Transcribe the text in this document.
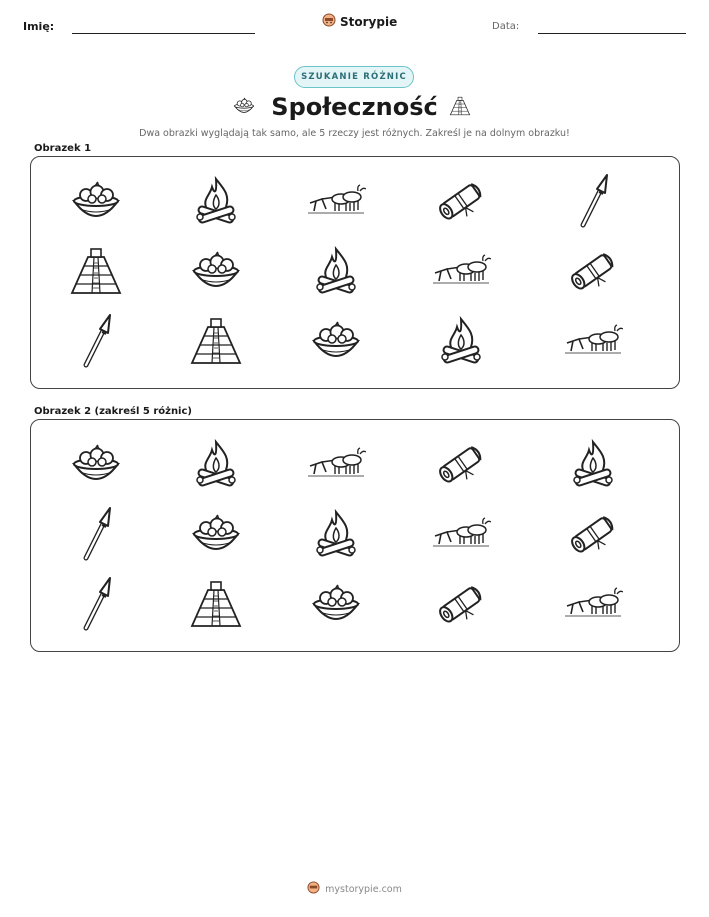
Imię:	Storypie	Data:
SZUKANIE RÓŻNIC
Społeczność
Dwa obrazki wyglądają tak samo, ale 5 rzeczy jest różnych. Zakreśl je na dolnym obrazku!
Obrazek 1
Obrazek 2 (zakreśl 5 różnic)
mystorypie.com
